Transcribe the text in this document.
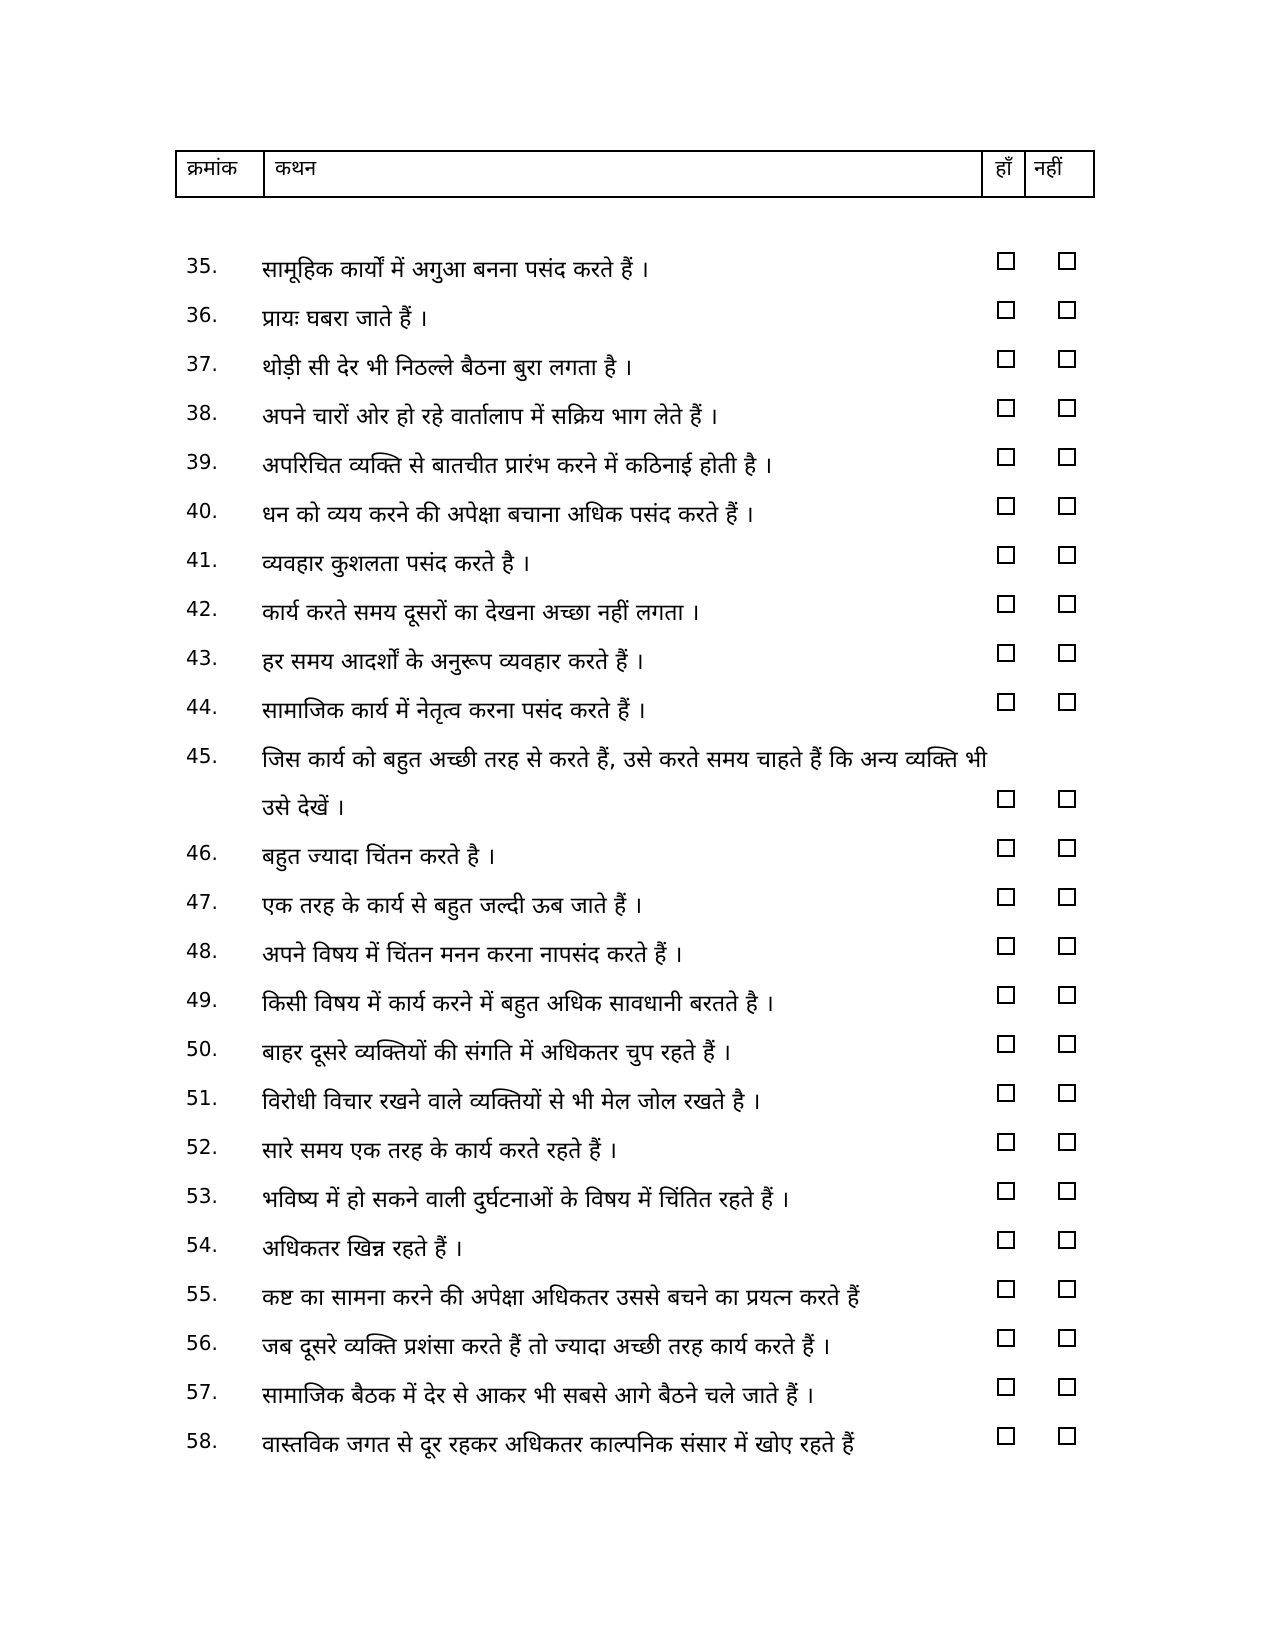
क्रमांक	कथन	हाँ	नहीं
35. सामूहिक कार्यों में अगुआ बनना पसंद करते हैं ।
36. प्रायः घबरा जाते हैं ।
37. थोड़ी सी देर भी निठल्ले बैठना बुरा लगता है ।
38. अपने चारों ओर हो रहे वार्तालाप में सक्रिय भाग लेते हैं ।
39. अपरिचित व्यक्ति से बातचीत प्रारंभ करने में कठिनाई होती है ।
40. धन को व्यय करने की अपेक्षा बचाना अधिक पसंद करते हैं ।
41. व्यवहार कुशलता पसंद करते है ।
42. कार्य करते समय दूसरों का देखना अच्छा नहीं लगता ।
43. हर समय आदर्शों के अनुरूप व्यवहार करते हैं ।
44. सामाजिक कार्य में नेतृत्व करना पसंद करते हैं ।
45. जिस कार्य को बहुत अच्छी तरह से करते हैं, उसे करते समय चाहते हैं कि अन्य व्यक्ति भी उसे देखें ।
46. बहुत ज्यादा चिंतन करते है ।
47. एक तरह के कार्य से बहुत जल्दी ऊब जाते हैं ।
48. अपने विषय में चिंतन मनन करना नापसंद करते हैं ।
49. किसी विषय में कार्य करने में बहुत अधिक सावधानी बरतते है ।
50. बाहर दूसरे व्यक्तियों की संगति में अधिकतर चुप रहते हैं ।
51. विरोधी विचार रखने वाले व्यक्तियों से भी मेल जोल रखते है ।
52. सारे समय एक तरह के कार्य करते रहते हैं ।
53. भविष्य में हो सकने वाली दुर्घटनाओं के विषय में चिंतित रहते हैं ।
54. अधिकतर खिन्न रहते हैं ।
55. कष्ट का सामना करने की अपेक्षा अधिकतर उससे बचने का प्रयत्न करते हैं
56. जब दूसरे व्यक्ति प्रशंसा करते हैं तो ज्यादा अच्छी तरह कार्य करते हैं ।
57. सामाजिक बैठक में देर से आकर भी सबसे आगे बैठने चले जाते हैं ।
58. वास्तविक जगत से दूर रहकर अधिकतर काल्पनिक संसार में खोए रहते हैं
